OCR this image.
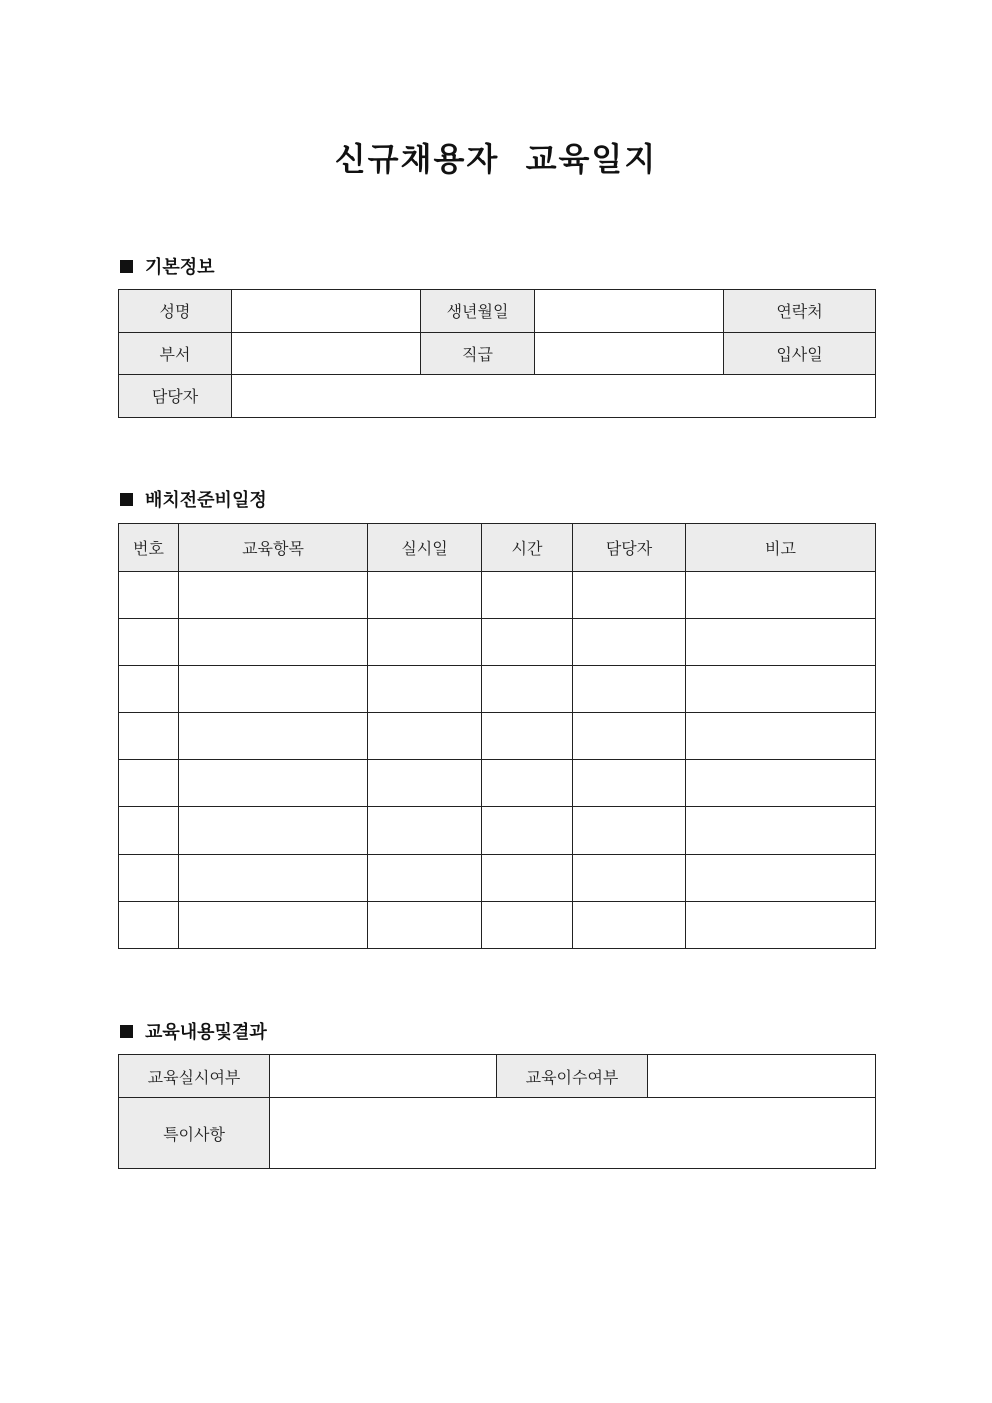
신규채용자  교육일지
기본정보
성명		생년월일		연락처
부서		직급		입사일
담당자				
배치전준비일정
번호	교육항목	실시일	시간	담당자	비고

교육내용및결과
교육실시여부		교육이수여부	
특이사항			
